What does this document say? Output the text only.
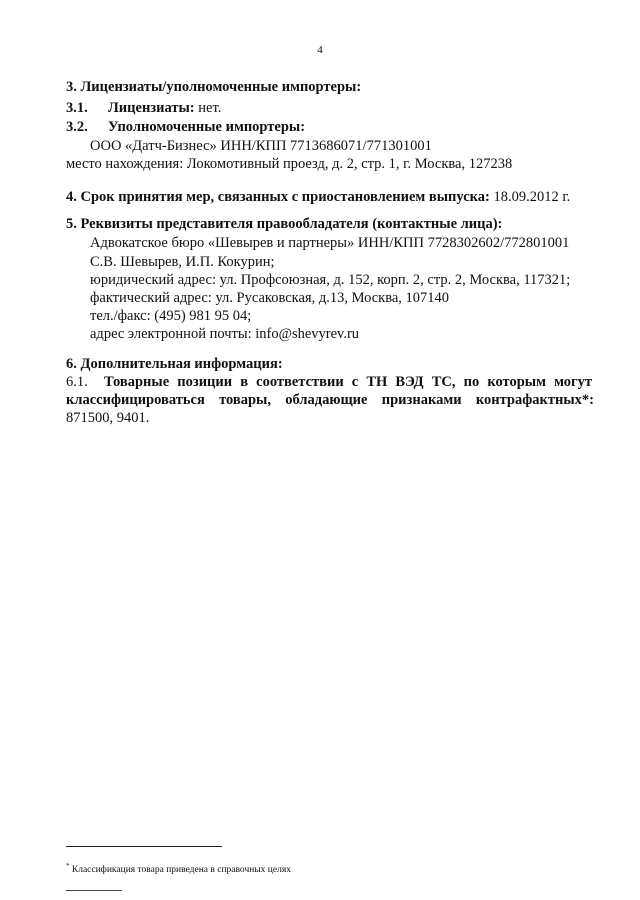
4
3. Лицензиаты/уполномоченные импортеры:
3.1. Лицензиаты: нет.
3.2. Уполномоченные импортеры:
ООО «Датч-Бизнес» ИНН/КПП 7713686071/771301001
место нахождения: Локомотивный проезд, д. 2, стр. 1, г. Москва, 127238
4. Срок принятия мер, связанных с приостановлением выпуска: 18.09.2012 г.
5. Реквизиты представителя правообладателя (контактные лица):
Адвокатское бюро «Шевырев и партнеры» ИНН/КПП 7728302602/772801001
С.В. Шевырев, И.П. Кокурин;
юридический адрес: ул. Профсоюзная, д. 152, корп. 2, стр. 2, Москва, 117321;
фактический адрес: ул. Русаковская, д.13, Москва, 107140
тел./факс: (495) 981 95 04;
адрес электронной почты: info@shevyrev.ru
6. Дополнительная информация:
6.1. Товарные позиции в соответствии с ТН ВЭД ТС, по которым могут
классифицироваться товары, обладающие признаками контрафактных*:
871500, 9401.
* Классификация товара приведена в справочных целях
